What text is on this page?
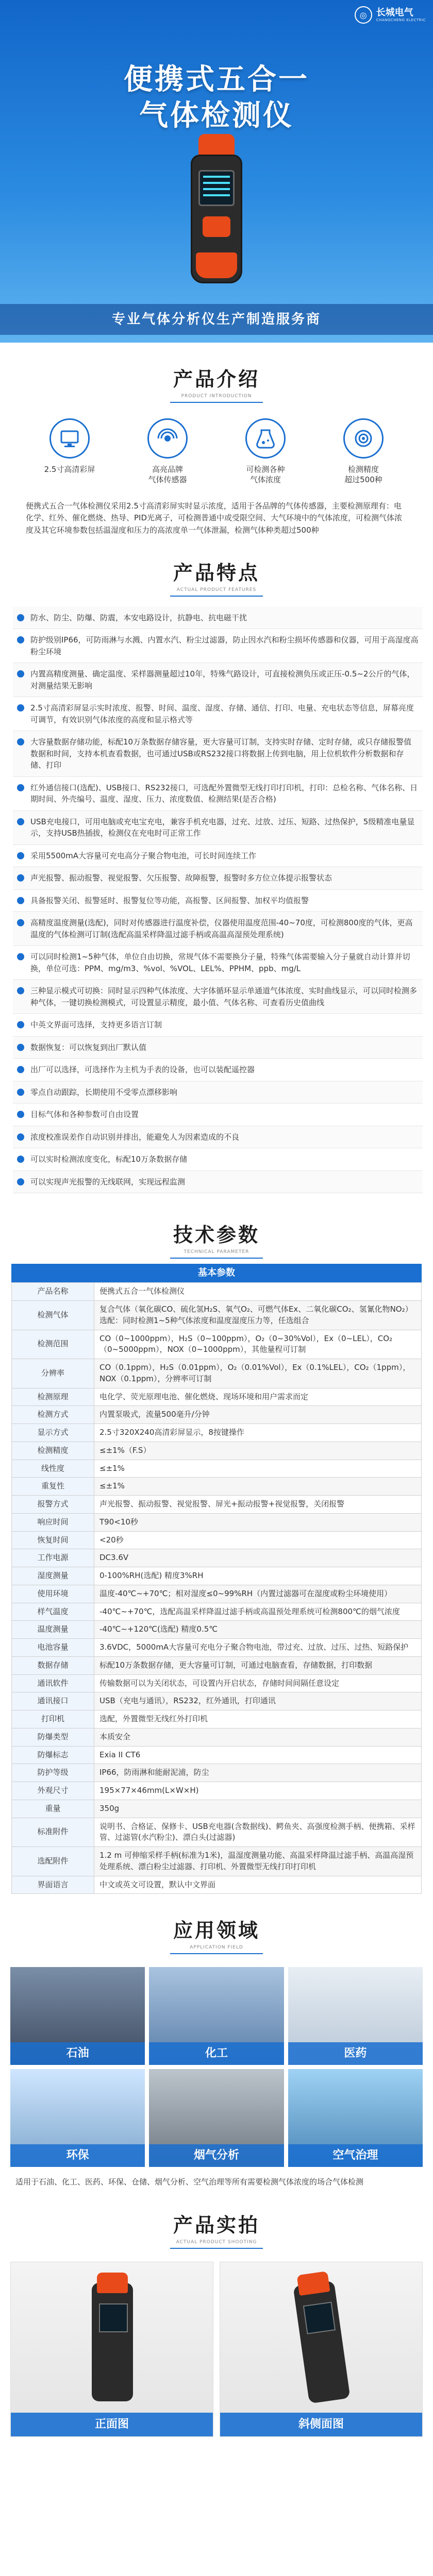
◎	长城电气
CHANGCHENG ELECTRIC
便携式五合一
气体检测仪
专业气体分析仪生产制造服务商
产品介绍
PRODUCT INTRODUCTION
2.5寸高清彩屏	高亮品牌
气体传感器
可检测各种
气体浓度
检测精度
超过500种

便携式五合一气体检测仪采用2.5寸高清彩屏实时显示浓度，适用于各品牌的气体传感器，主要检测原理有：电化学、红外、催化燃烧、热导、PID光离子，可检测普通中或受限空间、大气环境中的气体浓度，可检测气体浓度及其它环境参数包括温湿度和压力的高浓度单一气体泄漏，检测气体种类超过500种

产品特点
ACTUAL PRODUCT FEATURES
防水、防尘、防爆、防震，本安电路设计，抗静电、抗电磁干扰
防护级别IP66，可防雨淋与水溅、内置水汽、粉尘过滤器，防止因水汽和粉尘损坏传感器和仪器，可用于高湿度高粉尘环境
内置高精度测量、确定温度、采样器测量超过10年，特殊气路设计，可直接检测负压或正压-0.5~2公斤的气体，对测量结果无影响
2.5寸高清彩屏显示实时浓度、报警、时间、温度、湿度、存储、通信、打印、电量、充电状态等信息，屏幕亮度可调节，有效识别气体浓度的高度和显示格式等
大容量数据存储功能，标配10万条数据存储容量，更大容量可订制，支持实时存储、定时存储，或只存储报警值数据和时间，支持本机查看数据，也可通过USB或RS232接口将数据上传到电脑，用上位机软件分析数据和存储、打印
红外通信接口(选配)、USB接口、RS232接口，可选配外置微型无线打印打印机，打印：总检名称、气体名称、日期时间、外壳编号、温度、湿度、压力、浓度数值、检测结果(是否合格)
USB充电接口，可用电脑或充电宝充电，兼容手机充电器，过充、过放、过压、短路、过热保护，5级精准电量显示，支持USB热插拔，检测仪在充电时可正常工作
采用5500mA大容量可充电高分子聚合物电池，可长时间连续工作
声光报警、振动报警、视觉报警、欠压报警、故障报警，报警时多方位立体提示报警状态
具备报警关闭、报警延时、报警复位等功能，高报警、区间报警、加权平均值报警
高精度温度测量(选配)，同时对传感器进行温度补偿，仪器使用温度范围-40~70度，可检测800度的气体，更高温度的气体检测可订制(选配高温采样降温过滤手柄或高温高湿预处理系统)
可以同时检测1~5种气体，单位自由切换，常规气体不需要换分子量，特殊气体需要输入分子量就自动计算并切换，单位可选：PPM、mg/m3、%vol、%VOL、LEL%、PPHM、ppb、mg/L
三种显示模式可切换：同时显示四种气体浓度、大字体循环显示单通道气体浓度、实时曲线显示，可以同时检测多种气体，一键切换检测模式，可设置显示精度，最小值、气体名称、可查看历史值曲线
中英文界面可选择，支持更多语言订制
数据恢复：可以恢复到出厂默认值
出厂可以选择，可选择作为主机为手表的设备，也可以装配遥控器
零点自动跟踪，长期使用不受零点漂移影响
目标气体和各种参数可自由设置
浓度校准误差作自动识别并排出，能避免人为因素造成的不良
可以实时检测浓度变化，标配10万条数据存储
可以实现声光报警的无线联网，实现远程监测
技术参数
TECHNICAL PARAMETER
基本参数
产品名称	便携式五合一气体检测仪
检测气体	复合气体（氧化碳CO、硫化氢H₂S、氧气O₂、可燃气体Ex、二氧化碳CO₂、氢氰化物NO₂）选配：同时检测1~5种气体浓度和温度湿度压力等，任选组合
检测范围	CO（0~1000ppm），H₂S（0~100ppm），O₂（0~30%Vol），Ex（0~LEL），CO₂（0~5000ppm），NOX（0~1000ppm），其他量程可订制
分辨率	CO（0.1ppm），H₂S（0.01ppm），O₂（0.01%Vol），Ex（0.1%LEL），CO₂（1ppm），NOX（0.1ppm），分辨率可订制
检测原理	电化学、荧光原理电池、催化燃烧、现场环境和用户需求而定
检测方式	内置泵吸式，流量500毫升/分钟
显示方式	2.5寸320X240高清彩屏显示，8按键操作
检测精度	≤±1%（F.S）
线性度	≤±1%
重复性	≤±1%
报警方式	声光报警、振动报警、视觉报警、屏光+振动报警+视觉报警，关闭报警
响应时间	T90<10秒
恢复时间	<20秒
工作电源	DC3.6V
湿度测量	0-100%RH(选配) 精度3%RH
使用环境	温度-40℃~+70℃；相对湿度≤0~99%RH（内置过滤器可在湿度或粉尘环境使用）
样气温度	-40℃~+70℃，选配高温采样降温过滤手柄或高温预处理系统可检测800℃的烟气浓度
温度测量	-40℃~+120℃(选配) 精度0.5℃
电池容量	3.6VDC，5000mA大容量可充电分子聚合物电池，带过充、过放、过压、过热、短路保护
数据存储	标配10万条数据存储，更大容量可订制，可通过电脑查看，存储数据，打印数据
通讯软件	传输数据可以为关闭状态，可设置内开启状态，存储时间间隔任意设定
通讯接口	USB（充电与通讯），RS232，红外通讯，打印通讯
打印机	选配，外置微型无线红外打印机
防爆类型	本质安全
防爆标志	Exia II CT6
防护等级	IP66，防雨淋和能耐泥浦，防尘
外观尺寸	195×77×46mm(L×W×H)
重量	350g
标准附件	说明书、合格证、保修卡、USB充电器(含数据线)、鳄鱼夹、高强度检测手柄、便携箱、采样管、过滤管(水汽粉尘)、漂白头(过滤器)
选配附件	1.2 m 可伸缩采样手柄(标准为1米)，温湿度测量功能、高温采样降温过滤手柄、高温高湿预处理系统、漂白粉尘过滤器、打印机、外置微型无线打印打印机
界面语言	中文或英文可设置，默认中文界面
应用领域
APPLICATION FIELD
石油	化工	医药
环保	烟气分析	空气治理

适用于石油、化工、医药、环保、仓储、烟气分析、空气治理等所有需要检测气体浓度的场合气体检测

产品实拍
ACTUAL PRODUCT SHOOTING
正面图	斜侧面图
